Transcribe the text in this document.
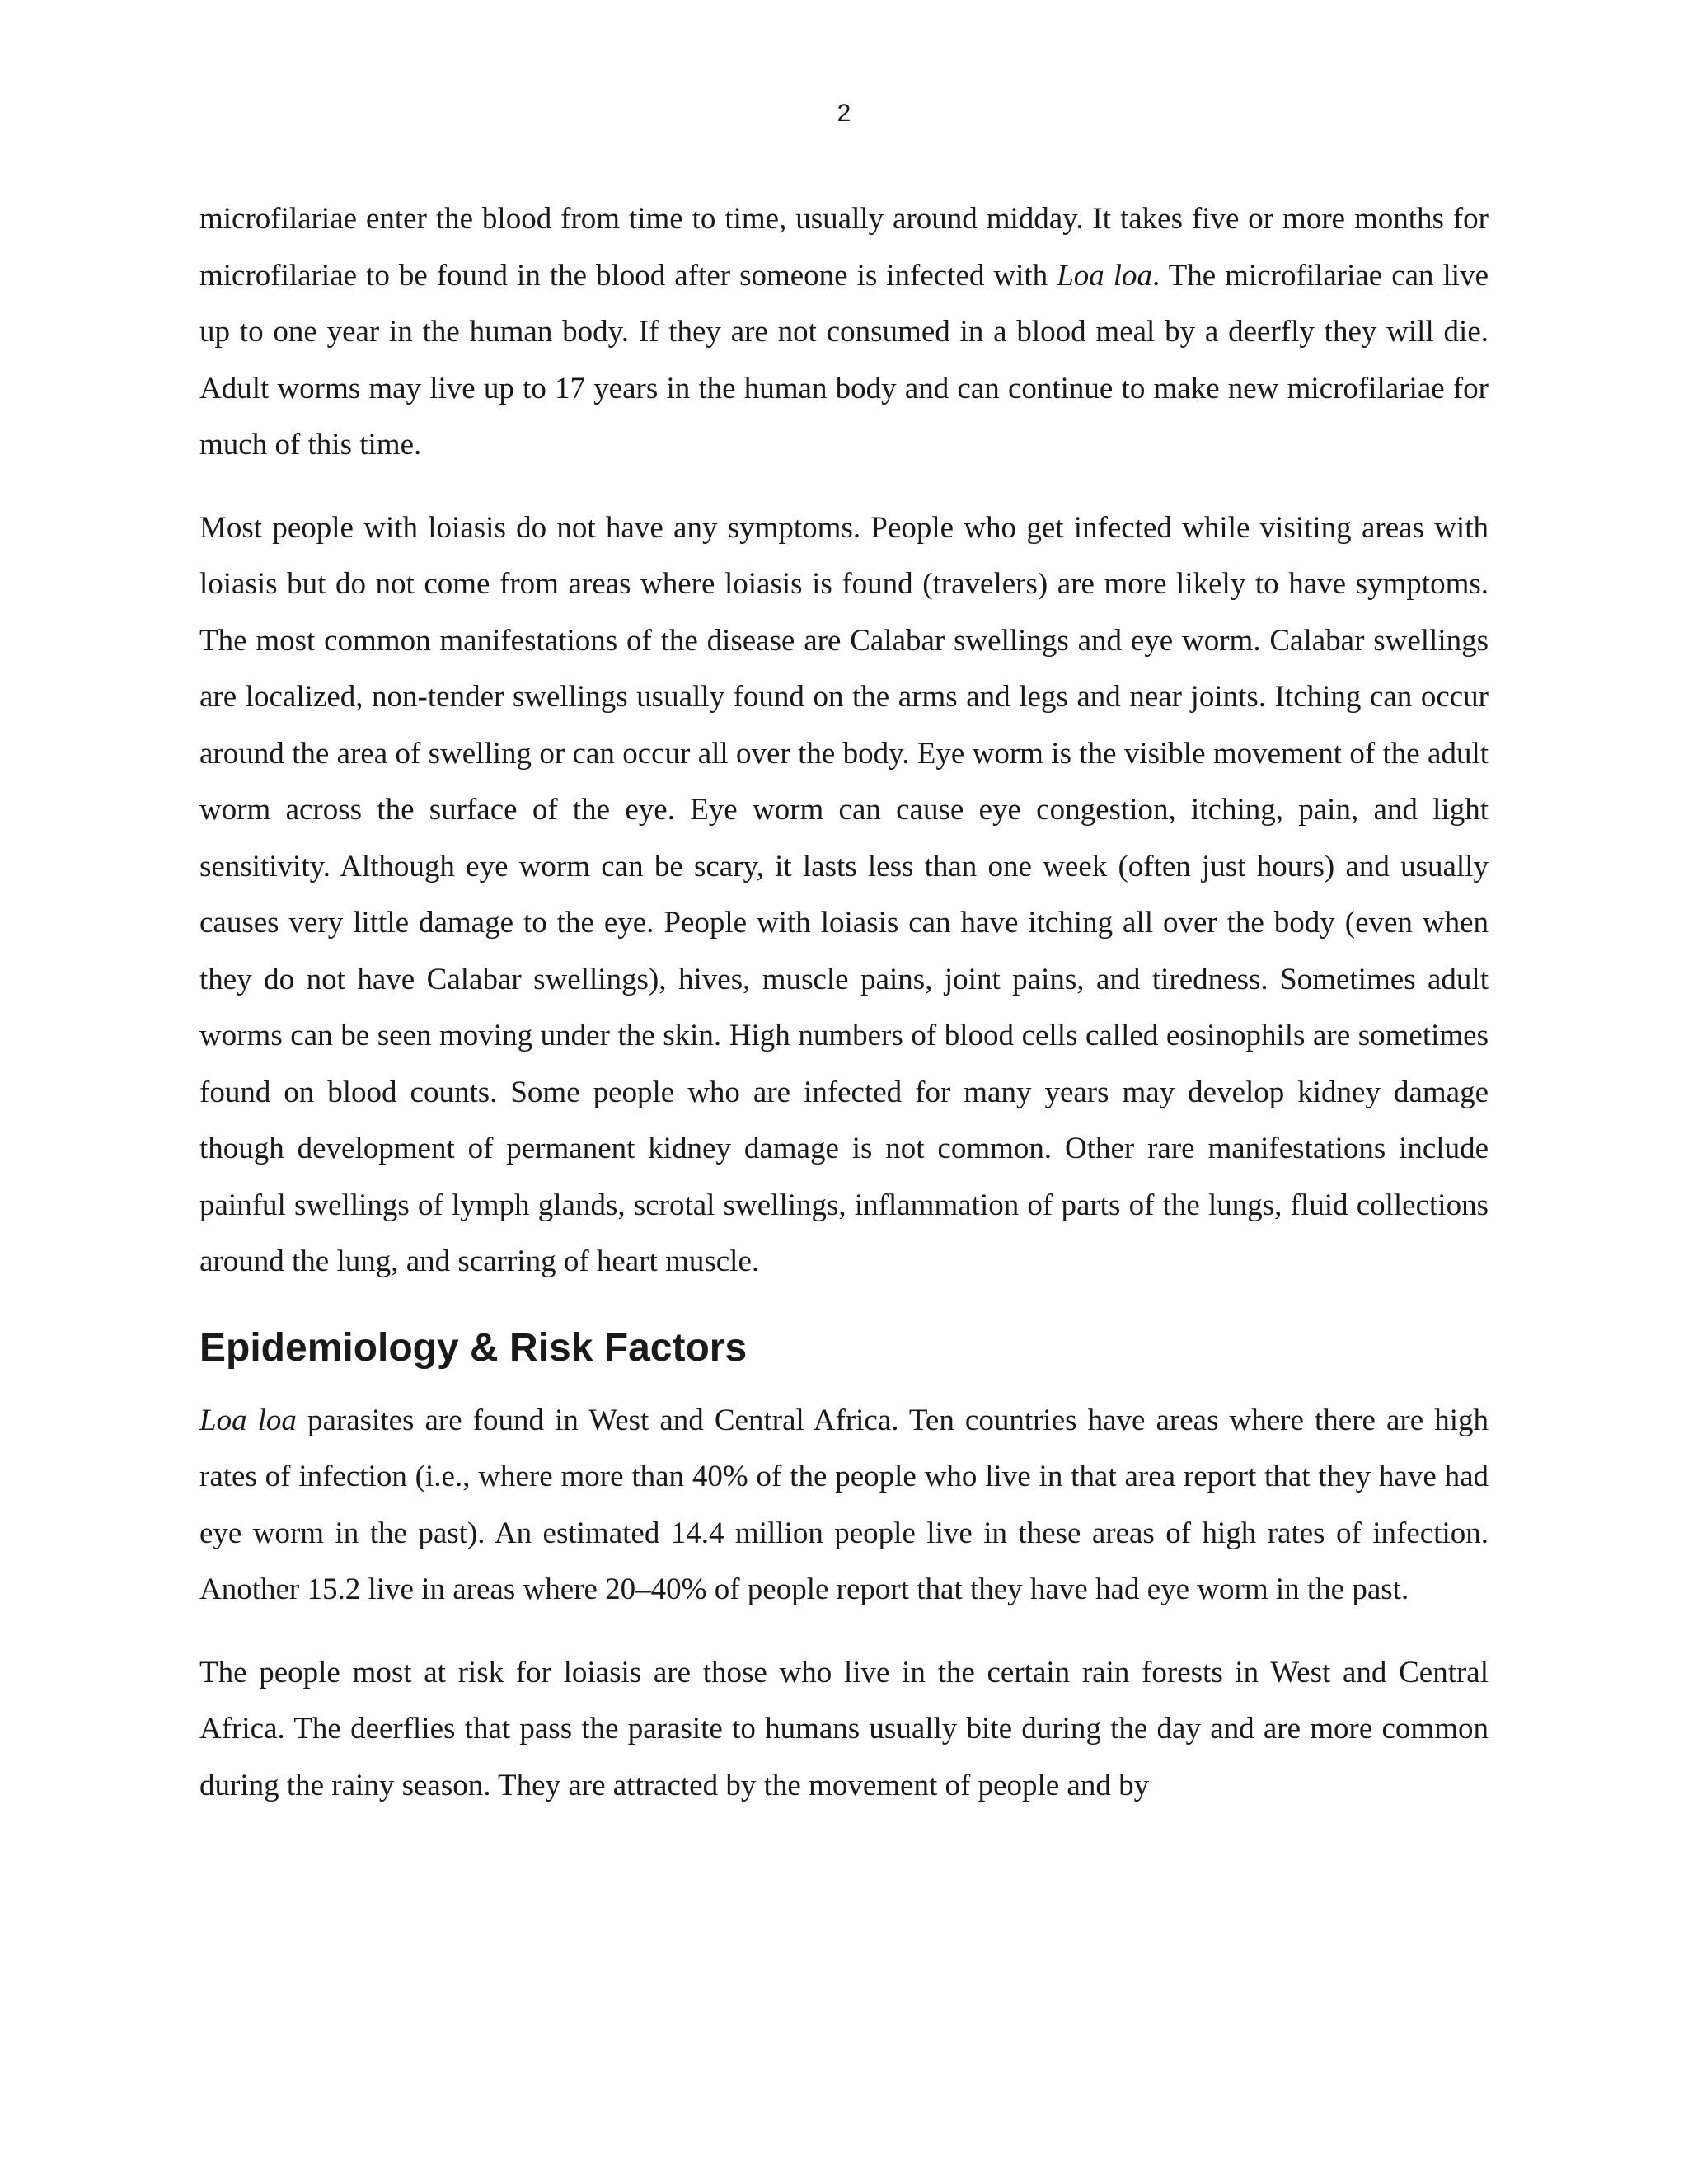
2

microfilariae enter the blood from time to time, usually around midday. It takes five or more months for microfilariae to be found in the blood after someone is infected with Loa loa. The microfilariae can live up to one year in the human body. If they are not consumed in a blood meal by a deerfly they will die. Adult worms may live up to 17 years in the human body and can continue to make new microfilariae for much of this time.

Most people with loiasis do not have any symptoms. People who get infected while visiting areas with loiasis but do not come from areas where loiasis is found (travelers) are more likely to have symptoms. The most common manifestations of the disease are Calabar swellings and eye worm. Calabar swellings are localized, non-tender swellings usually found on the arms and legs and near joints. Itching can occur around the area of swelling or can occur all over the body. Eye worm is the visible movement of the adult worm across the surface of the eye. Eye worm can cause eye congestion, itching, pain, and light sensitivity. Although eye worm can be scary, it lasts less than one week (often just hours) and usually causes very little damage to the eye. People with loiasis can have itching all over the body (even when they do not have Calabar swellings), hives, muscle pains, joint pains, and tiredness. Sometimes adult worms can be seen moving under the skin. High numbers of blood cells called eosinophils are sometimes found on blood counts. Some people who are infected for many years may develop kidney damage though development of permanent kidney damage is not common. Other rare manifestations include painful swellings of lymph glands, scrotal swellings, inflammation of parts of the lungs, fluid collections around the lung, and scarring of heart muscle.

Epidemiology & Risk Factors

Loa loa parasites are found in West and Central Africa. Ten countries have areas where there are high rates of infection (i.e., where more than 40% of the people who live in that area report that they have had eye worm in the past). An estimated 14.4 million people live in these areas of high rates of infection. Another 15.2 live in areas where 20–40% of people report that they have had eye worm in the past.

The people most at risk for loiasis are those who live in the certain rain forests in West and Central Africa. The deerflies that pass the parasite to humans usually bite during the day and are more common during the rainy season. They are attracted by the movement of people and by
